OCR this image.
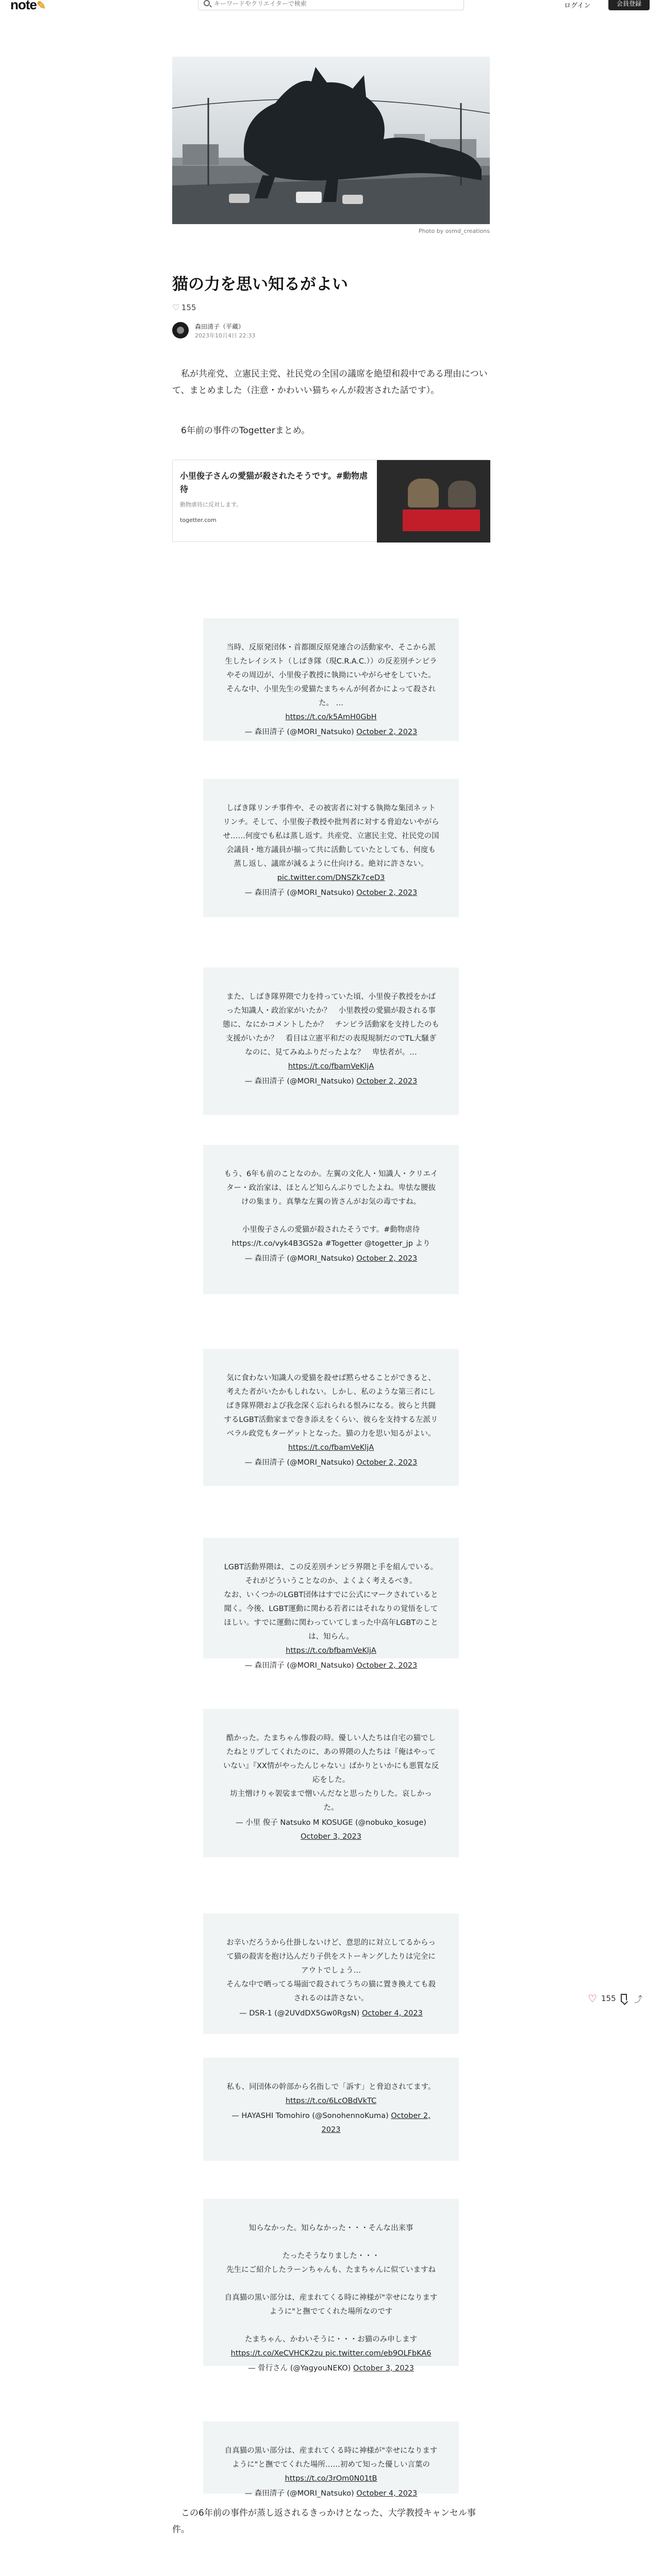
note✎
キーワードやクリエイターで検索	ログイン	会員登録
Photo by osmd_creations
猫の力を思い知るがよい
♡ 155
森田清子（平蔵）
2023年10月4日 22:33

　私が共産党、立憲民主党、社民党の全国の議席を絶望和殺中である理由について、まとめました（注意・かわいい猫ちゃんが殺害された話です）。

　6年前の事件のTogetterまとめ。

小里俊子さんの愛猫が殺されたそうです。#動物虐待
動物虐待に反対します。
togetter.com
当時、反原発団体・首都圏反原発連合の活動家や、そこから派生したレイシスト（しばき隊（現C.R.A.C.））の反差別チンピラやその周辺が、小里俊子教授に執拗にいやがらせをしていた。そんな中、小里先生の愛猫たまちゃんが何者かによって殺された。 …
https://t.co/k5AmH0GbH
— 森田清子 (@MORI_Natsuko) October 2, 2023
しばき隊リンチ事件や、その被害者に対する執拗な集団ネットリンチ。そして、小里俊子教授や批判者に対する脅迫ないやがらせ……何度でも私は蒸し返す。共産党、立憲民主党、社民党の国会議員・地方議員が揃って共に活動していたとしても、何度も蒸し返し、議席が減るように仕向ける。絶対に許さない。
pic.twitter.com/DNSZk7ceD3
— 森田清子 (@MORI_Natsuko) October 2, 2023
また、しばき隊界隈で力を持っていた頃、小里俊子教授をかばった知識人・政治家がいたか？　小里教授の愛猫が殺される事態に、なにかコメントしたか？　チンピラ活動家を支持したのも支援がいたか？　看目は立憲平和だの表現規制だのでTL大騒ぎなのに、見てみぬふりだったよな？　卑怯者が。…
https://t.co/fbamVeKljA
— 森田清子 (@MORI_Natsuko) October 2, 2023
もう、6年も前のことなのか。左翼の文化人・知識人・クリエイター・政治家は、ほとんど知らんぷりでしたよね。卑怯な腰抜けの集まり。真摯な左翼の皆さんがお気の毒ですね。

小里俊子さんの愛猫が殺されたそうです。#動物虐待 https://t.co/vyk4B3GS2a #Togetter @togetter_jp より
— 森田清子 (@MORI_Natsuko) October 2, 2023
気に食わない知識人の愛猫を殺せば黙らせることができると、考えた者がいたかもしれない。しかし、私のような第三者にしばき隊界隈および我念深く忘れられる恨みになる。彼らと共闘するLGBT活動家まで巻き添えをくらい、彼らを支持する左派リベラル政党もターゲットとなった。猫の力を思い知るがよい。
https://t.co/fbamVeKljA
— 森田清子 (@MORI_Natsuko) October 2, 2023
LGBT活動界隈は、この反差別チンピラ界隈と手を組んでいる。それがどういうことなのか、よくよく考えるべき。
なお、いくつかのLGBT団体はすでに公式にマークされていると聞く。今後、LGBT運動に関わる若者にはそれなりの覚悟をしてほしい。すでに運動に関わっていてしまった中高年LGBTのことは、知らん。
https://t.co/bfbamVeKljA
— 森田清子 (@MORI_Natsuko) October 2, 2023
酷かった。たまちゃん惨殺の時。優しい人たちは自宅の猫でしたねとリプしてくれたのに、あの界隈の人たちは『俺はやっていない』『XX情がやったんじゃない』ばかりといかにも悪質な反応をした。
坊主憎けりゃ袈裟まで憎いんだなと思ったりした。哀しかった。
— 小里 俊子 Natsuko M KOSUGE (@nobuko_kosuge) October 3, 2023
お辛いだろうから仕掛しないけど、意思的に対立してるからって猫の殺害を抱け込んだり子供をストーキングしたりは完全にアウトでしょう…
そんな中で晒ってる場面で殺されてうちの猫に置き換えても殺されるのは許さない。
— DSR-1 (@2UVdDX5Gw0RgsN) October 4, 2023
私も、同団体の幹部から名指しで「訴す」と脅迫されてます。
https://t.co/6LcOBdVkTC
— HAYASHI Tomohiro (@SonohennoKuma) October 2, 2023
知らなかった。知らなかった・・・そんな出来事

たったそうなりました・・・
先生にご紹介したラーンちゃんも、たまちゃんに似ていますね

自真猫の黒い部分は、産まれてくる時に神様が"幸せになりますように"と撫でてくれた場所なのです

たまちゃん、かわいそうに・・・お猫のみ申します
https://t.co/XeCVHCK2zu pic.twitter.com/eb9OLFbKA6
— 骨行さん (@YagyouNEKO) October 3, 2023
自真猫の黒い部分は、産まれてくる時に神様が"幸せになりますように"と撫でてくれた場所……初めて知った優しい言葉の
https://t.co/3rOm0N01tB
— 森田清子 (@MORI_Natsuko) October 4, 2023
♡ 155 ⤴

　この6年前の事件が蒸し返されるきっかけとなった、大学教授キャンセル事件。
